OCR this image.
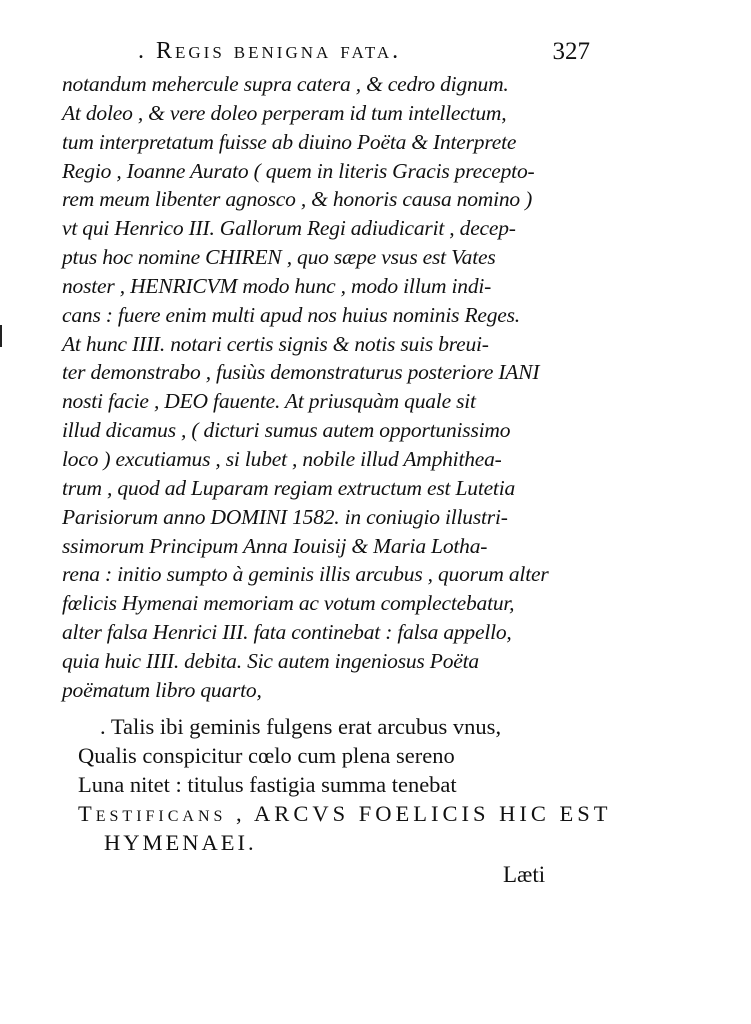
. Regis benigna fata.	327
notandum mehercule supra catera , & cedro dignum.
At doleo , & vere doleo perperam id tum intellectum,
tum interpretatum fuisse ab diuino Poëta & Interprete
Regio , Ioanne Aurato ( quem in literis Gracis precepto-
rem meum libenter agnosco , & honoris causa nomino )
vt qui Henrico III. Gallorum Regi adiudicarit , decep-
ptus hoc nomine CHIREN , quo sæpe vsus est Vates
noster , HENRICVM modo hunc , modo illum indi-
cans : fuere enim multi apud nos huius nominis Reges.
At hunc IIII. notari certis signis & notis suis breui-
ter demonstrabo , fusiùs demonstraturus posteriore IANI
nosti facie , DEO fauente. At priusquàm quale sit
illud dicamus , ( dicturi sumus autem opportunissimo
loco ) excutiamus , si lubet , nobile illud Amphithea-
trum , quod ad Luparam regiam extructum est Lutetia
Parisiorum anno DOMINI 1582. in coniugio illustri-
ssimorum Principum Anna Iouisij & Maria Lotha-
rena : initio sumpto à geminis illis arcubus , quorum alter
fœlicis Hymenai memoriam ac votum complectebatur,
alter falsa Henrici III. fata continebat : falsa appello,
quia huic IIII. debita. Sic autem ingeniosus Poëta
poëmatum libro quarto,
. Talis ibi geminis fulgens erat arcubus vnus,
Qualis conspicitur cœlo cum plena sereno
Luna nitet : titulus fastigia summa tenebat
Testificans , ARCVS FOELICIS HIC EST
HYMENAEI.
Læti
